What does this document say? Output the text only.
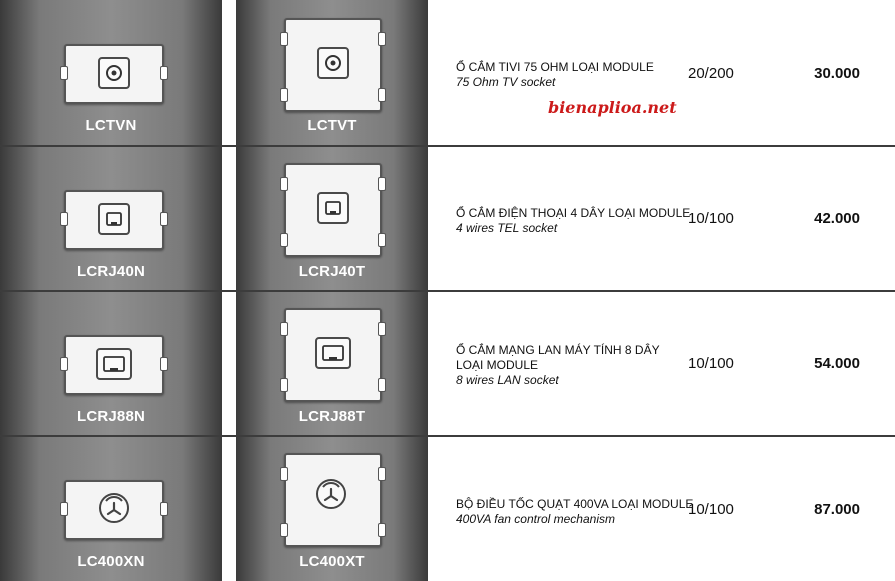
bienaplioa.net
LCTVN	LCTVT
Ổ CẮM TIVI 75 OHM LOẠI MODULE
75 Ohm TV socket	20/200	30.000
LCRJ40N	LCRJ40T
Ổ CẮM ĐIỆN THOẠI 4 DÂY LOẠI MODULE
4 wires TEL socket
10/100	42.000
LCRJ88N	LCRJ88T
Ổ CẮM MẠNG LAN MÁY TÍNH 8 DÂY
LOẠI MODULE
8 wires LAN socket
10/100	54.000
LC400XN	LC400XT
BỘ ĐIỀU TỐC QUẠT 400VA LOẠI MODULE
400VA fan control mechanism
10/100	87.000
